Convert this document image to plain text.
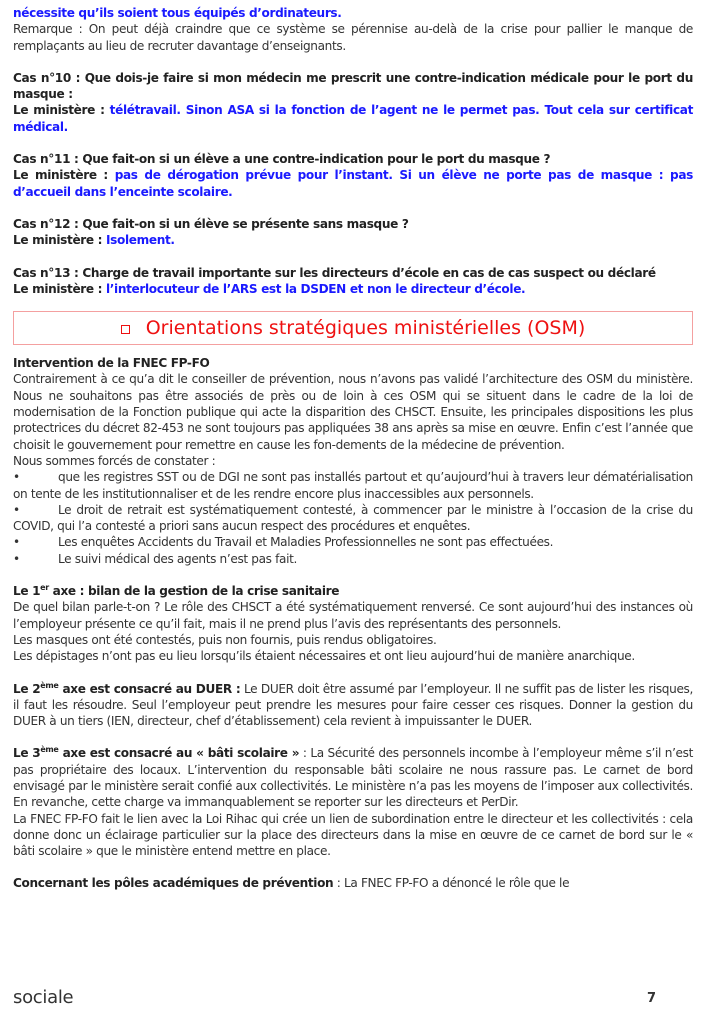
nécessite qu’ils soient tous équipés d’ordinateurs.

Remarque : On peut déjà craindre que ce système se pérennise au-delà de la crise pour pallier le manque de remplaçants au lieu de recruter davantage d’enseignants.

Cas n°10 : Que dois-je faire si mon médecin me prescrit une contre-indication médicale pour le port du masque :

Le ministère : télétravail. Sinon ASA si la fonction de l’agent ne le permet pas. Tout cela sur certificat médical.

Cas n°11 : Que fait-on si un élève a une contre-indication pour le port du masque ?

Le ministère : pas de dérogation prévue pour l’instant. Si un élève ne porte pas de masque : pas d’accueil dans l’enceinte scolaire.

Cas n°12 : Que fait-on si un élève se présente sans masque ?

Le ministère : Isolement.

Cas n°13 : Charge de travail importante sur les directeurs d’école en cas de cas suspect ou déclaré

Le ministère : l’interlocuteur de l’ARS est la DSDEN et non le directeur d’école.

Orientations stratégiques ministérielles (OSM)

Intervention de la FNEC FP-FO

Contrairement à ce qu’a dit le conseiller de prévention, nous n’avons pas validé l’architecture des OSM du ministère. Nous ne souhaitons pas être associés de près ou de loin à ces OSM qui se situent dans le cadre de la loi de modernisation de la Fonction publique qui acte la disparition des CHSCT. Ensuite, les principales dispositions les plus protectrices du décret 82-453 ne sont toujours pas appliquées 38 ans après sa mise en œuvre. Enfin c’est l’année que choisit le gouvernement pour remettre en cause les fon-dements de la médecine de prévention.

Nous sommes forcés de constater :

•	que les registres SST ou de DGI ne sont pas installés partout et qu’aujourd’hui à travers leur dématérialisation on tente de les institutionnaliser et de les rendre encore plus inaccessibles aux personnels.

•	Le droit de retrait est systématiquement contesté, à commencer par le ministre à l’occasion de la crise du COVID, qui l’a contesté a priori sans aucun respect des procédures et enquêtes.

•	Les enquêtes Accidents du Travail et Maladies Professionnelles ne sont pas effectuées.

•	Le suivi médical des agents n’est pas fait.

Le 1er axe : bilan de la gestion de la crise sanitaire

De quel bilan parle-t-on ? Le rôle des CHSCT a été systématiquement renversé. Ce sont aujourd’hui des instances où l’employeur présente ce qu’il fait, mais il ne prend plus l’avis des représentants des personnels.

Les masques ont été contestés, puis non fournis, puis rendus obligatoires.

Les dépistages n’ont pas eu lieu lorsqu’ils étaient nécessaires et ont lieu aujourd’hui de manière anarchique.

Le 2ème axe est consacré au DUER : Le DUER doit être assumé par l’employeur. Il ne suffit pas de lister les risques, il faut les résoudre. Seul l’employeur peut prendre les mesures pour faire cesser ces risques. Donner la gestion du DUER à un tiers (IEN, directeur, chef d’établissement) cela revient à impuissanter le DUER.

Le 3ème axe est consacré au « bâti scolaire » : La Sécurité des personnels incombe à l’employeur même s’il n’est pas propriétaire des locaux. L’intervention du responsable bâti scolaire ne nous rassure pas. Le carnet de bord envisagé par le ministère serait confié aux collectivités. Le ministère n’a pas les moyens de l’imposer aux collectivités. En revanche, cette charge va immanquablement se reporter sur les directeurs et PerDir.

La FNEC FP-FO fait le lien avec la Loi Rihac qui crée un lien de subordination entre le directeur et les collectivités : cela donne donc un éclairage particulier sur la place des directeurs dans la mise en œuvre de ce carnet de bord sur le « bâti scolaire » que le ministère entend mettre en place.

Concernant les pôles académiques de prévention : La FNEC FP-FO a dénoncé le rôle que le

sociale	7
